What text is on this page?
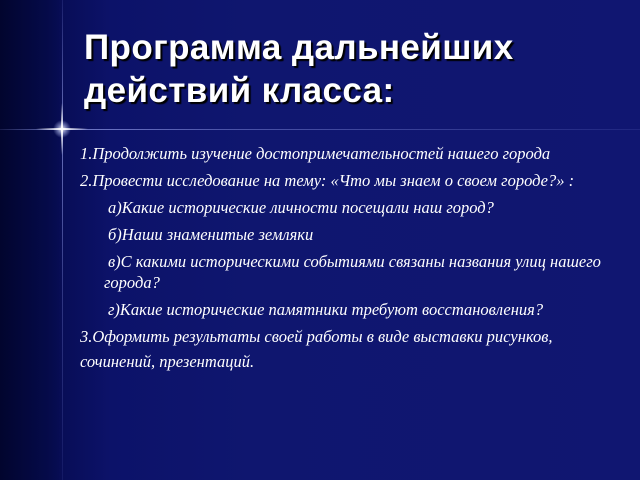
Программа дальнейших действий класса:

1.Продолжить изучение достопримечательностей нашего города

2.Провести исследование на тему: «Что мы знаем о своем городе?» :

а)Какие исторические личности посещали наш город?

б)Наши знаменитые земляки

в)С какими историческими событиями связаны названия улиц нашего города?

г)Какие исторические памятники требуют восстановления?

3.Оформить результаты своей работы в виде выставки рисунков,

сочинений, презентаций.
